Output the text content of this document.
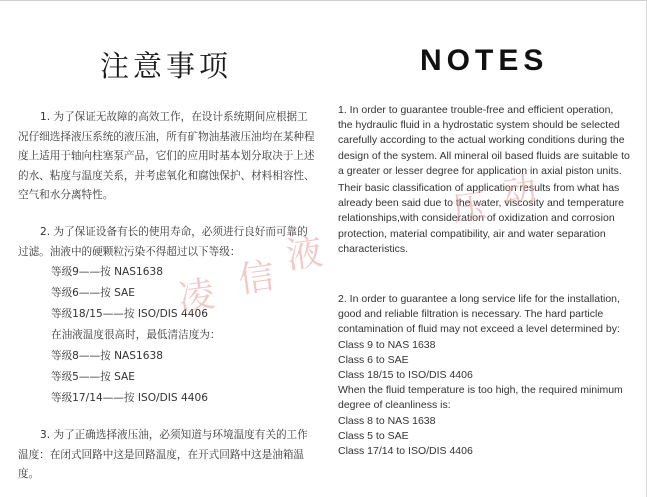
注意事项	NOTES

1. 为了保证无故障的高效工作，在设计系统期间应根据工况仔细选择液压系统的液压油，所有矿物油基液压油均在某种程度上适用于轴向柱塞泵产品，它们的应用时基本划分取决于上述的水、粘度与温度关系，并考虑氧化和腐蚀保护、材料相容性、空气和水分离特性。

2. 为了保证设备有长的使用寿命，必须进行良好而可靠的过滤。油液中的硬颗粒污染不得超过以下等级：

等级9——按 NAS1638
等级6——按 SAE
等级18/15——按 ISO/DIS 4406
在油液温度很高时，最低清洁度为：
等级8——按 NAS1638
等级5——按 SAE
等级17/14——按 ISO/DIS 4406

3. 为了正确选择液压油，必须知道与环境温度有关的工作温度：在闭式回路中这是回路温度，在开式回路中这是油箱温度。

1. In order to guarantee trouble-free and efficient operation, the hydraulic fluid in a hydrostatic system should be selected carefully according to the actual working conditions during the design of the system. All mineral oil based fluids are suitable to a greater or lesser degree for application in axial piston units.

Their basic classification of application results from what has already been said due to the water, viscosity and temperature relationships,with consideration of oxidization and corrosion protection, material compatibility, air and water separation characteristics.

2. In order to guarantee a long service life for the installation, good and reliable filtration is necessary. The hard particle contamination of fluid may not exceed a level determined by:

Class 9 to NAS 1638
Class 6 to SAE
Class 18/15 to ISO/DIS 4406
When the fluid temperature is too high, the required minimum degree of cleanliness is:
Class 8 to NAS 1638
Class 5 to SAE
Class 17/14 to ISO/DIS 4406
凌 信
液
压 动
